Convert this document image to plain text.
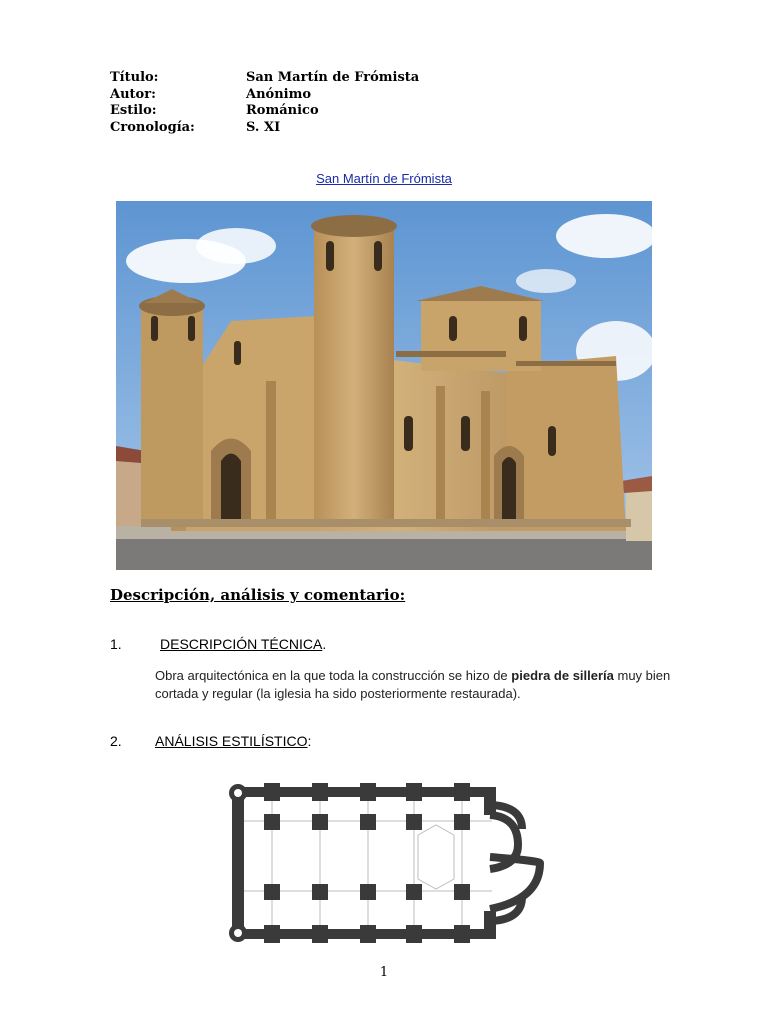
Título:	San Martín de Frómista
Autor:	Anónimo
Estilo:	Románico
Cronología:	S. XI
San Martín de Frómista
Descripción, análisis y comentario:
1.	DESCRIPCIÓN TÉCNICA.
Obra arquitectónica en la que toda la construcción se hizo de piedra de sillería muy bien cortada y regular (la iglesia ha sido posteriormente restaurada).
2. ANÁLISIS ESTILÍSTICO:
1
